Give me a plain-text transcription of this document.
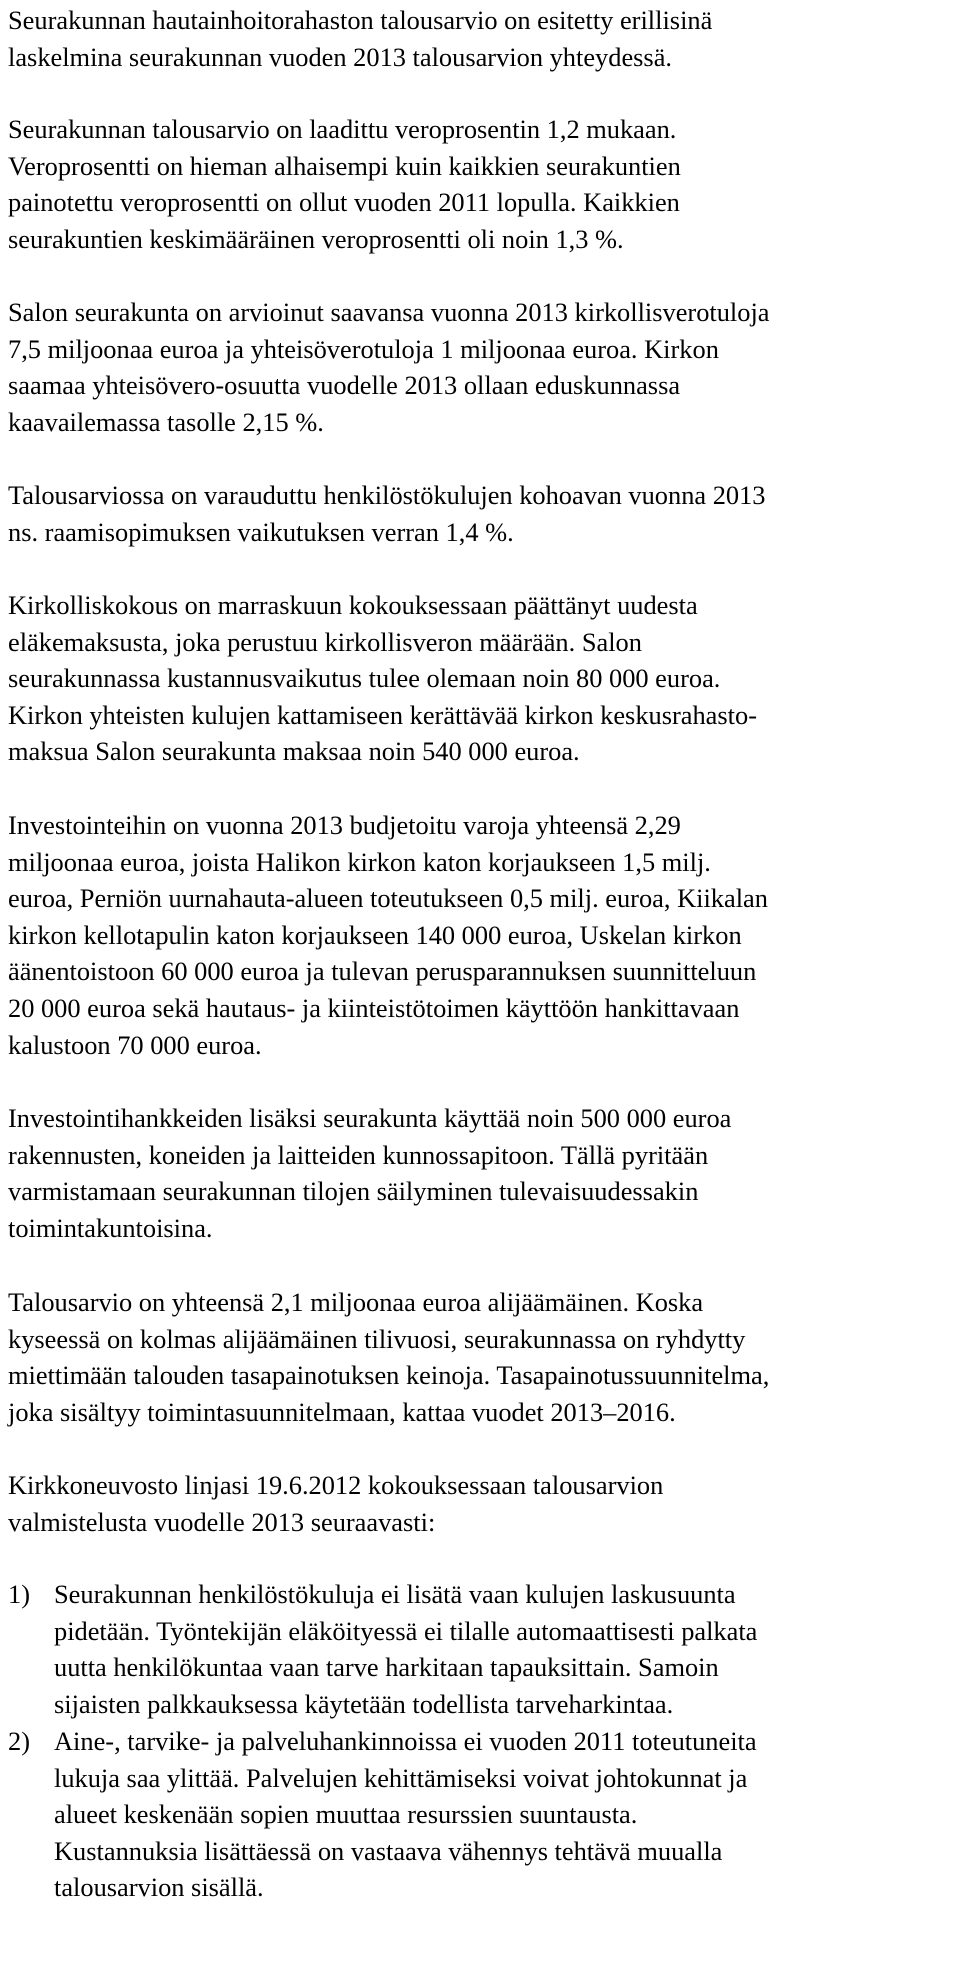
Seurakunnan hautainhoitorahaston talousarvio on esitetty erillisinä
laskelmina seurakunnan vuoden 2013 talousarvion yhteydessä.
Seurakunnan talousarvio on laadittu veroprosentin 1,2 mukaan.
Veroprosentti on hieman alhaisempi kuin kaikkien seurakuntien
painotettu veroprosentti on ollut vuoden 2011 lopulla. Kaikkien
seurakuntien keskimääräinen veroprosentti oli noin 1,3 %.
Salon seurakunta on arvioinut saavansa vuonna 2013 kirkollisverotuloja
7,5 miljoonaa euroa ja yhteisöverotuloja 1 miljoonaa euroa. Kirkon
saamaa yhteisövero-osuutta vuodelle 2013 ollaan eduskunnassa
kaavailemassa tasolle 2,15 %.
Talousarviossa on varauduttu henkilöstökulujen kohoavan vuonna 2013
ns. raamisopimuksen vaikutuksen verran 1,4 %.
Kirkolliskokous on marraskuun kokouksessaan päättänyt uudesta
eläkemaksusta, joka perustuu kirkollisveron määrään. Salon
seurakunnassa kustannusvaikutus tulee olemaan noin 80 000 euroa.
Kirkon yhteisten kulujen kattamiseen kerättävää kirkon keskusrahasto-
maksua Salon seurakunta maksaa noin 540 000 euroa.
Investointeihin on vuonna 2013 budjetoitu varoja yhteensä 2,29
miljoonaa euroa, joista Halikon kirkon katon korjaukseen 1,5 milj.
euroa, Perniön uurnahauta-alueen toteutukseen 0,5 milj. euroa, Kiikalan
kirkon kellotapulin katon korjaukseen 140 000 euroa, Uskelan kirkon
äänentoistoon 60 000 euroa ja tulevan perusparannuksen suunnitteluun
20 000 euroa sekä hautaus- ja kiinteistötoimen käyttöön hankittavaan
kalustoon 70 000 euroa.
Investointihankkeiden lisäksi seurakunta käyttää noin 500 000 euroa
rakennusten, koneiden ja laitteiden kunnossapitoon. Tällä pyritään
varmistamaan seurakunnan tilojen säilyminen tulevaisuudessakin
toimintakuntoisina.
Talousarvio on yhteensä 2,1 miljoonaa euroa alijäämäinen. Koska
kyseessä on kolmas alijäämäinen tilivuosi, seurakunnassa on ryhdytty
miettimään talouden tasapainotuksen keinoja. Tasapainotussuunnitelma,
joka sisältyy toimintasuunnitelmaan, kattaa vuodet 2013–2016.
Kirkkoneuvosto linjasi 19.6.2012 kokouksessaan talousarvion
valmistelusta vuodelle 2013 seuraavasti:
1) Seurakunnan henkilöstökuluja ei lisätä vaan kulujen laskusuunta
pidetään. Työntekijän eläköityessä ei tilalle automaattisesti palkata
uutta henkilökuntaa vaan tarve harkitaan tapauksittain. Samoin
sijaisten palkkauksessa käytetään todellista tarveharkintaa.
2) Aine-, tarvike- ja palveluhankinnoissa ei vuoden 2011 toteutuneita
lukuja saa ylittää. Palvelujen kehittämiseksi voivat johtokunnat ja
alueet keskenään sopien muuttaa resurssien suuntausta.
Kustannuksia lisättäessä on vastaava vähennys tehtävä muualla
talousarvion sisällä.
